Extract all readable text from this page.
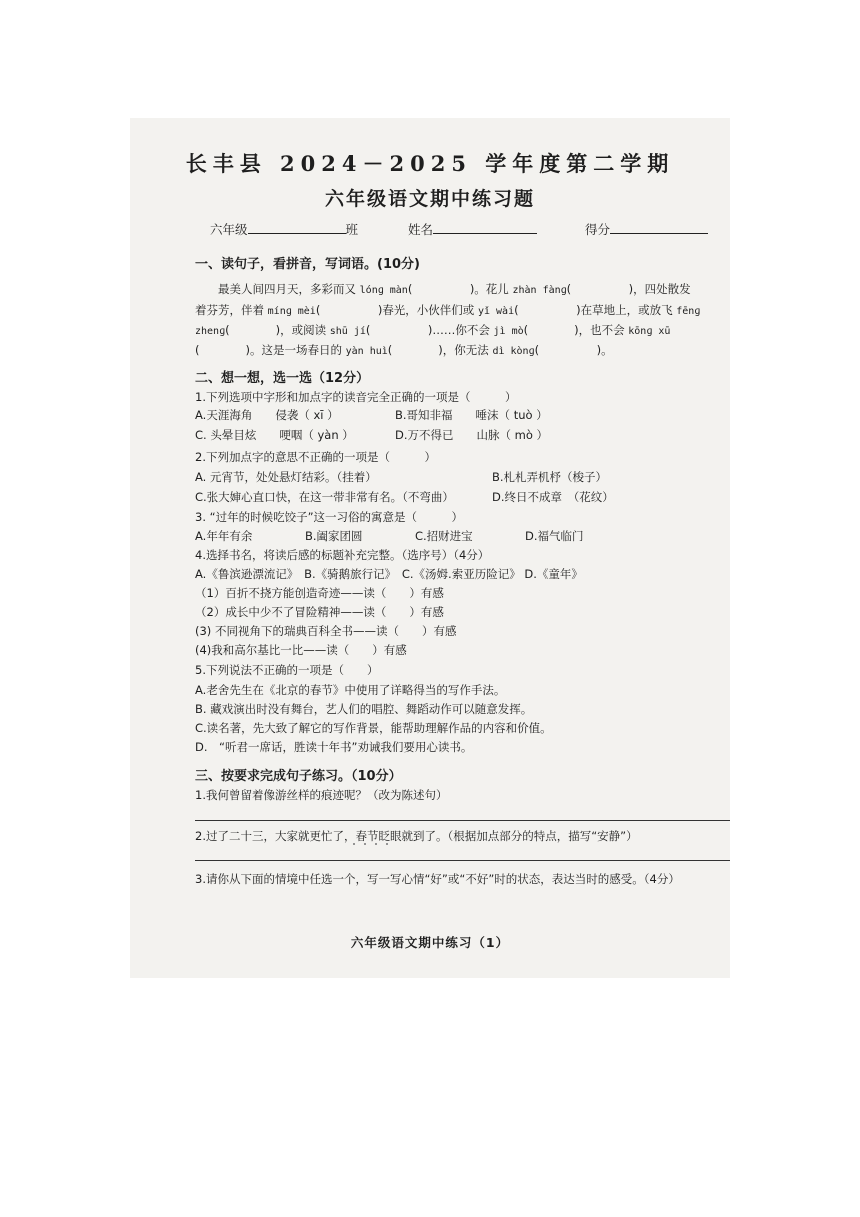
长丰县 2024－2025 学年度第二学期
六年级语文期中练习题
六年级	班	姓名	得分
一、读句子，看拼音，写词语。(10分)
最美人间四月天，多彩而又 lónɡ màn(　　　　　)。花儿 zhàn fànɡ(　　　　　)，四处散发
着芬芳，伴着 mínɡ mèi(　　　　　)春光，小伙伴们或 yǐ wài(　　　　　)在草地上，或放飞 fēnɡ
zhenɡ(　　　　)，或阅读 shū jí(　　　　　)……你不会 jì mò(　　　　)，也不会 kōnɡ xū
(　　　　)。这是一场春日的 yàn huì(　　　　)，你无法 dì kònɡ(　　　　　)。
二、想一想，选一选（12分）
1.下列选项中字形和加点字的读音完全正确的一项是（　　　）
A.天涯海角　　侵袭（ xī ）	B.哥知非福　　唾沫（ tuò ）
C. 头晕目炫　　哽咽（ yàn ）	D.万不得已　　山脉（ mò ）
2.下列加点字的意思不正确的一项是（　　　）
A. 元宵节，处处悬灯结彩。（挂着）	B.札札弄机杼（梭子）
C.张大婶心直口快，在这一带非常有名。（不弯曲）	D.终日不成章　（花纹）
3. “过年的时候吃饺子”这一习俗的寓意是（　　　）
A.年年有余	B.阖家团圆	C.招财进宝	D.福气临门
4.选择书名，将读后感的标题补充完整。（选序号）（4分）
A.《鲁滨逊漂流记》　B.《骑鹅旅行记》　C.《汤姆.索亚历险记》 D.《童年》
（1）百折不挠方能创造奇迹——读（　　）有感
（2）成长中少不了冒险精神——读（　　）有感
(3) 不同视角下的瑞典百科全书——读（　　）有感
(4)我和高尔基比一比——读（　　）有感
5.下列说法不正确的一项是（　　）
A.老舍先生在《北京的春节》中使用了详略得当的写作手法。
B. 藏戏演出时没有舞台，艺人们的唱腔、舞蹈动作可以随意发挥。
C.读名著，先大致了解它的写作背景，能帮助理解作品的内容和价值。
D.　“听君一席话，胜读十年书”劝诫我们要用心读书。
三、按要求完成句子练习。（10分）
1.我何曾留着像游丝样的痕迹呢？（改为陈述句）
2.过了二十三，大家就更忙了，春节眨眼就到了。（根据加点部分的特点，描写“安静”）
3.请你从下面的情境中任选一个，写一写心情“好”或“不好”时的状态，表达当时的感受。（4分）
六年级语文期中练习（1）
